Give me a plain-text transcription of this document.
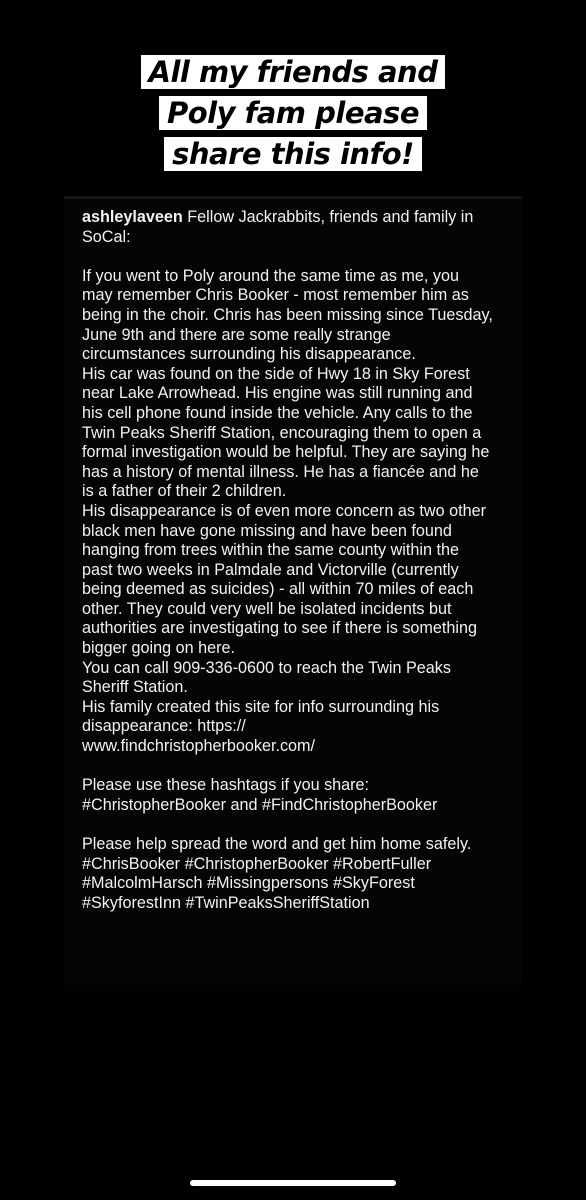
All my friends and
Poly fam please
share this info!
ashleylaveen Fellow Jackrabbits, friends and family in SoCal:

If you went to Poly around the same time as me, you may remember Chris Booker - most remember him as being in the choir. Chris has been missing since Tuesday, June 9th and there are some really strange circumstances surrounding his disappearance.
His car was found on the side of Hwy 18 in Sky Forest near Lake Arrowhead. His engine was still running and his cell phone found inside the vehicle. Any calls to the Twin Peaks Sheriff Station, encouraging them to open a formal investigation would be helpful. They are saying he has a history of mental illness. He has a fiancée and he is a father of their 2 children.
His disappearance is of even more concern as two other black men have gone missing and have been found hanging from trees within the same county within the past two weeks in Palmdale and Victorville (currently being deemed as suicides) - all within 70 miles of each other. They could very well be isolated incidents but authorities are investigating to see if there is something bigger going on here.
You can call 909-336-0600 to reach the Twin Peaks Sheriff Station.
His family created this site for info surrounding his disappearance: https://
www.findchristopherbooker.com/

Please use these hashtags if you share:
#ChristopherBooker and #FindChristopherBooker

Please help spread the word and get him home safely.
#ChrisBooker #ChristopherBooker #RobertFuller #MalcolmHarsch #Missingpersons #SkyForest #SkyforestInn #TwinPeaksSheriffStation
